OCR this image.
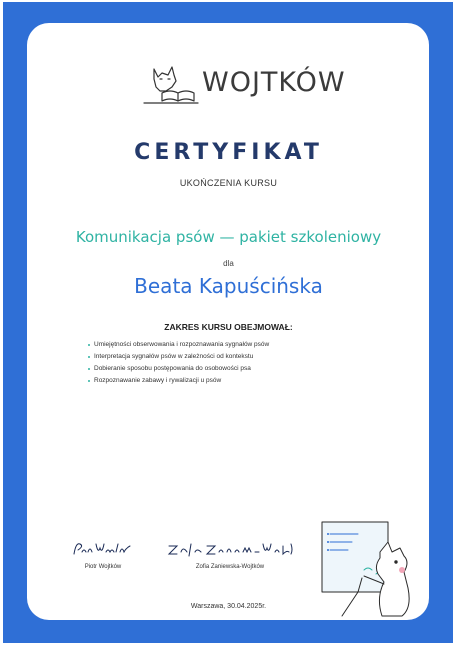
WOJTKÓW
CERTYFIKAT
UKOŃCZENIA KURSU
Komunikacja psów — pakiet szkoleniowy
dla
Beata Kapuścińska
ZAKRES KURSU OBEJMOWAŁ:
Umiejętności obserwowania i rozpoznawania sygnałów psów
Interpretacja sygnałów psów w zależności od kontekstu
Dobieranie sposobu postępowania do osobowości psa
Rozpoznawanie zabawy i rywalizacji u psów
Piotr Wojtków	Zofia Zaniewska-Wojtków
Warszawa, 30.04.2025r.
